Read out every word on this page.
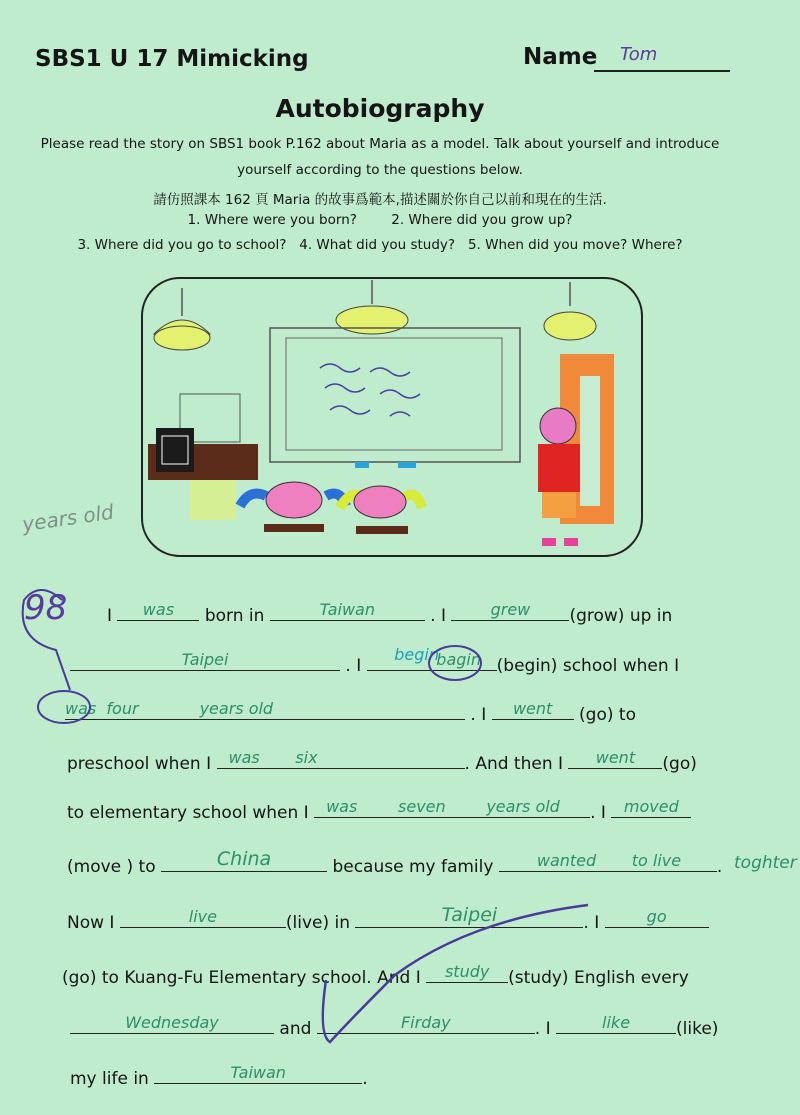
SBS1 U 17 Mimicking	Name Tom
Autobiography
Please read the story on SBS1 book P.162 about Maria as a model. Talk about yourself and introduce
yourself according to the questions below.
請仿照課本 162 頁 Maria 的故事爲範本,描述關於你自己以前和現在的生活.
1. Where were you born?        2. Where did you grow up?
3. Where did you go to school?   4. What did you study?   5. When did you move? Where?
years old
98
toghter
I	was	born in	Taiwan	. I	grew	(grow) up in
Taipei	. I
begin
bagin (begin) school when I
was  four            years old	. I	went	(go) to
preschool when I was       six	. And then I	went	(go)
to elementary school when I was        seven        years old	. I	moved
(move ) to	China	because my family	wanted       to live	.
Now I	live	(live) in	Taipei	. I	go
(go) to Kuang-Fu Elementary school. And I	study	(study) English every
Wednesday	and	Firday	. I	like	(like)
my life in	Taiwan	.
